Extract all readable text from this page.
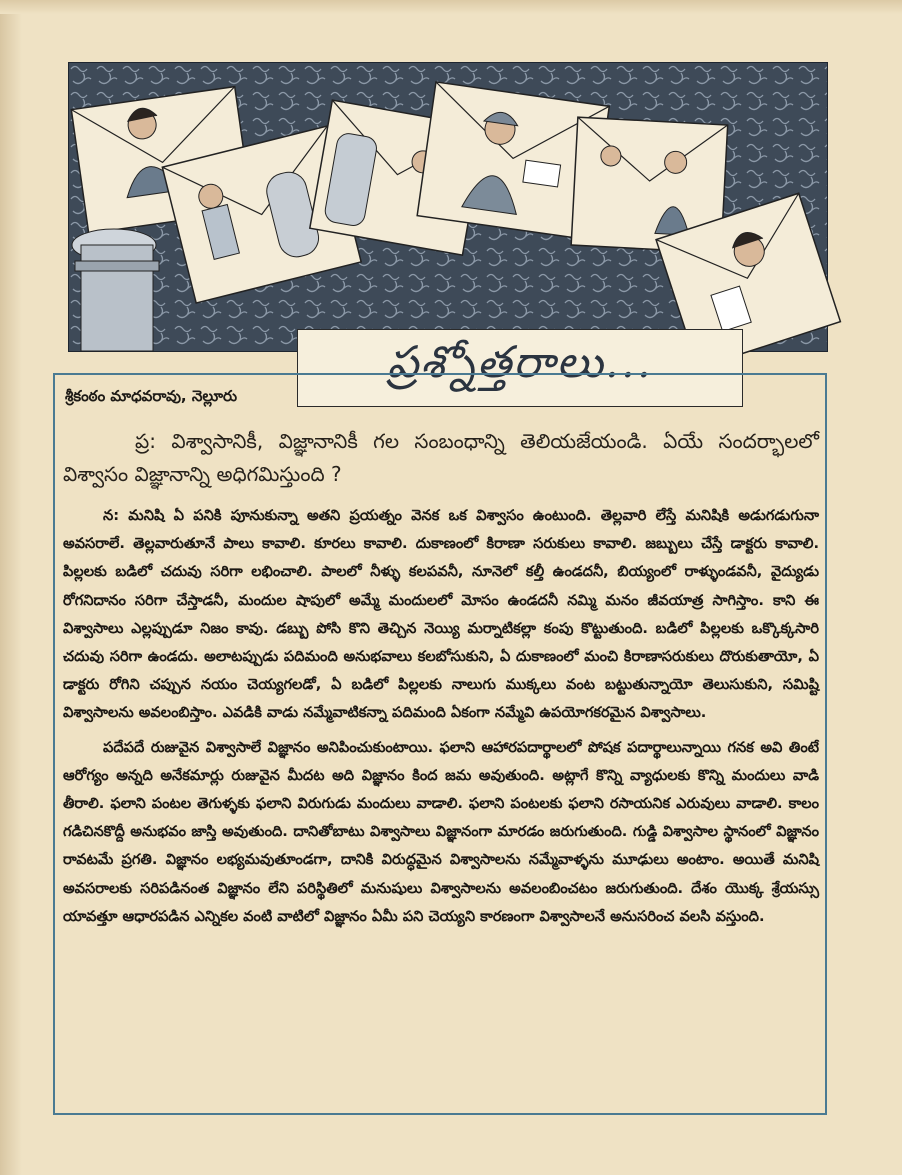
ప్రశ్నోత్తరాలు...
శ్రీకంఠం మాధవరావు, నెల్లూరు
ప్ర: విశ్వాసానికీ, విజ్ఞానానికీ గల సంబంధాన్ని తెలియజేయండి. ఏయే సందర్భాలలో విశ్వాసం విజ్ఞానాన్ని అధిగమిస్తుంది ?

న: మనిషి ఏ పనికి పూనుకున్నా అతని ప్రయత్నం వెనక ఒక విశ్వాసం ఉంటుంది. తెల్లవారి లేస్తే మనిషికి అడుగడుగునా అవసరాలే. తెల్లవారుతూనే పాలు కావాలి. కూరలు కావాలి. దుకాణంలో కిరాణా సరుకులు కావాలి. జబ్బులు చేస్తే డాక్టరు కావాలి. పిల్లలకు బడిలో చదువు సరిగా లభించాలి. పాలలో నీళ్ళు కలపవనీ, నూనెలో కల్తీ ఉండదనీ, బియ్యంలో రాళ్ళుండవనీ, వైద్యుడు రోగనిదానం సరిగా చేస్తాడనీ, మందుల షాపులో అమ్మే మందులలో మోసం ఉండదనీ నమ్మి మనం జీవయాత్ర సాగిస్తాం. కాని ఈ విశ్వాసాలు ఎల్లప్పుడూ నిజం కావు. డబ్బు పోసి కొని తెచ్చిన నెయ్యి మర్నాటికల్లా కంపు కొట్టుతుంది. బడిలో పిల్లలకు ఒక్కొక్కసారి చదువు సరిగా ఉండదు. అలాటప్పుడు పదిమంది అనుభవాలు కలబోసుకుని, ఏ దుకాణంలో మంచి కిరాణాసరుకులు దొరుకుతాయో, ఏ డాక్టరు రోగిని చప్పున నయం చెయ్యగలడో, ఏ బడిలో పిల్లలకు నాలుగు ముక్కలు వంట బట్టుతున్నాయో తెలుసుకుని, సమిష్టి విశ్వాసాలను అవలంబిస్తాం. ఎవడికి వాడు నమ్మేవాటికన్నా పదిమంది ఏకంగా నమ్మేవి ఉపయోగకరమైన విశ్వాసాలు.

పదేపదే రుజువైన విశ్వాసాలే విజ్ఞానం అనిపించుకుంటాయి. ఫలాని ఆహారపదార్థాలలో పోషక పదార్థాలున్నాయి గనక అవి తింటే ఆరోగ్యం అన్నది అనేకమార్లు రుజువైన మీదట అది విజ్ఞానం కింద జమ అవుతుంది. అట్లాగే కొన్ని వ్యాధులకు కొన్ని మందులు వాడి తీరాలి. ఫలాని పంటల తెగుళ్ళకు ఫలాని విరుగుడు మందులు వాడాలి. ఫలాని పంటలకు ఫలాని రసాయనిక ఎరువులు వాడాలి. కాలం గడిచినకొద్దీ అనుభవం జాస్తి అవుతుంది. దానితోబాటు విశ్వాసాలు విజ్ఞానంగా మారడం జరుగుతుంది. గుడ్డి విశ్వాసాల స్థానంలో విజ్ఞానం రావటమే ప్రగతి. విజ్ఞానం లభ్యమవుతూండగా, దానికి విరుద్ధమైన విశ్వాసాలను నమ్మేవాళ్ళను మూఢులు అంటాం. అయితే మనిషి అవసరాలకు సరిపడినంత విజ్ఞానం లేని పరిస్థితిలో మనుషులు విశ్వాసాలను అవలంబించటం జరుగుతుంది. దేశం యొక్క శ్రేయస్సు యావత్తూ ఆధారపడిన ఎన్నికల వంటి వాటిలో విజ్ఞానం ఏమీ పని చెయ్యని కారణంగా విశ్వాసాలనే అనుసరించ వలసి వస్తుంది.
